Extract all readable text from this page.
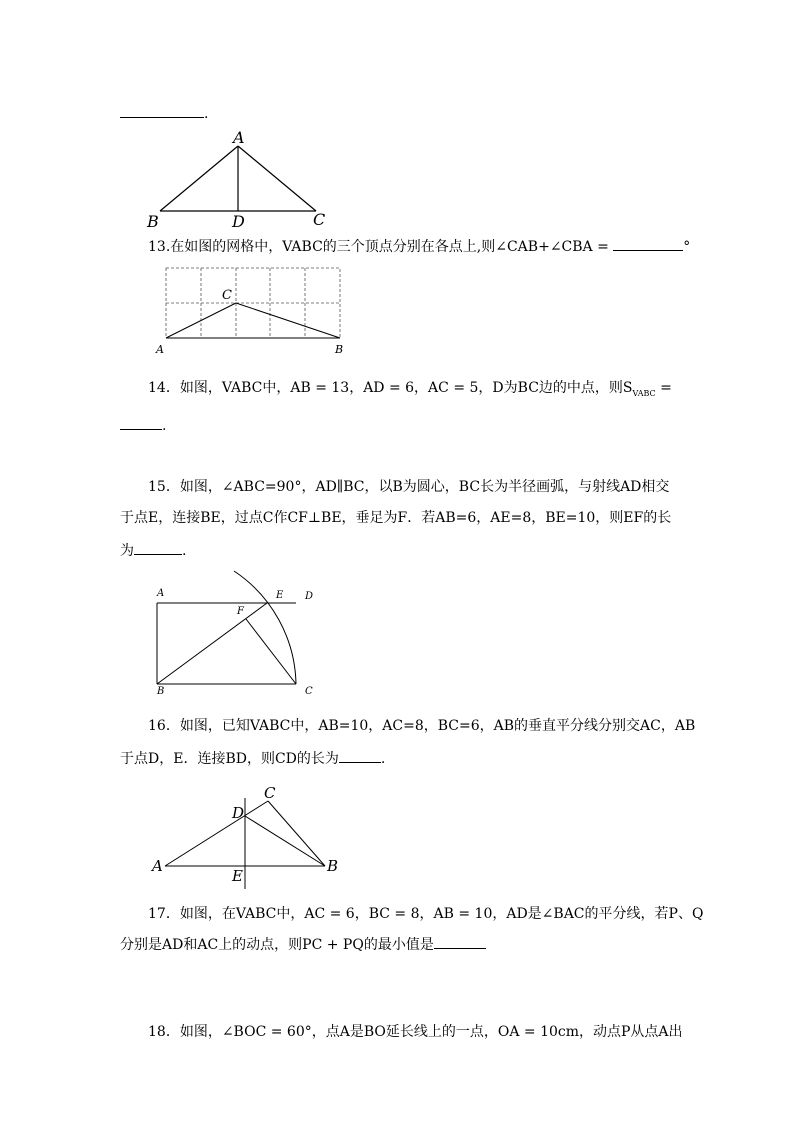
.
A
B	D	C
13.在如图的网格中，VABC的三个顶点分别在各点上,则∠CAB+∠CBA =	°
C
A	B
14．如图，VABC中，AB = 13，AD = 6，AC = 5，D为BC边的中点，则$S_{VABC}$ =
.
15．如图，∠ABC=90°，AD∥BC，以B为圆心，BC长为半径画弧，与射线AD相交
于点E，连接BE，过点C作CF⊥BE，垂足为F．若AB=6，AE=8，BE=10，则EF的长
为	.
A
F
E D
B	C
16．如图，已知VABC中，AB=10，AC=8，BC=6，AB的垂直平分线分别交AC，AB
于点D，E．连接BD，则CD的长为	.
D
C
A	B
E
17．如图，在VABC中，AC = 6，BC = 8，AB = 10，AD是∠BAC的平分线，若P、Q
分别是AD和AC上的动点，则PC + PQ的最小值是
18．如图，∠BOC = 60°，点A是BO延长线上的一点，OA = 10cm，动点P从点A出
